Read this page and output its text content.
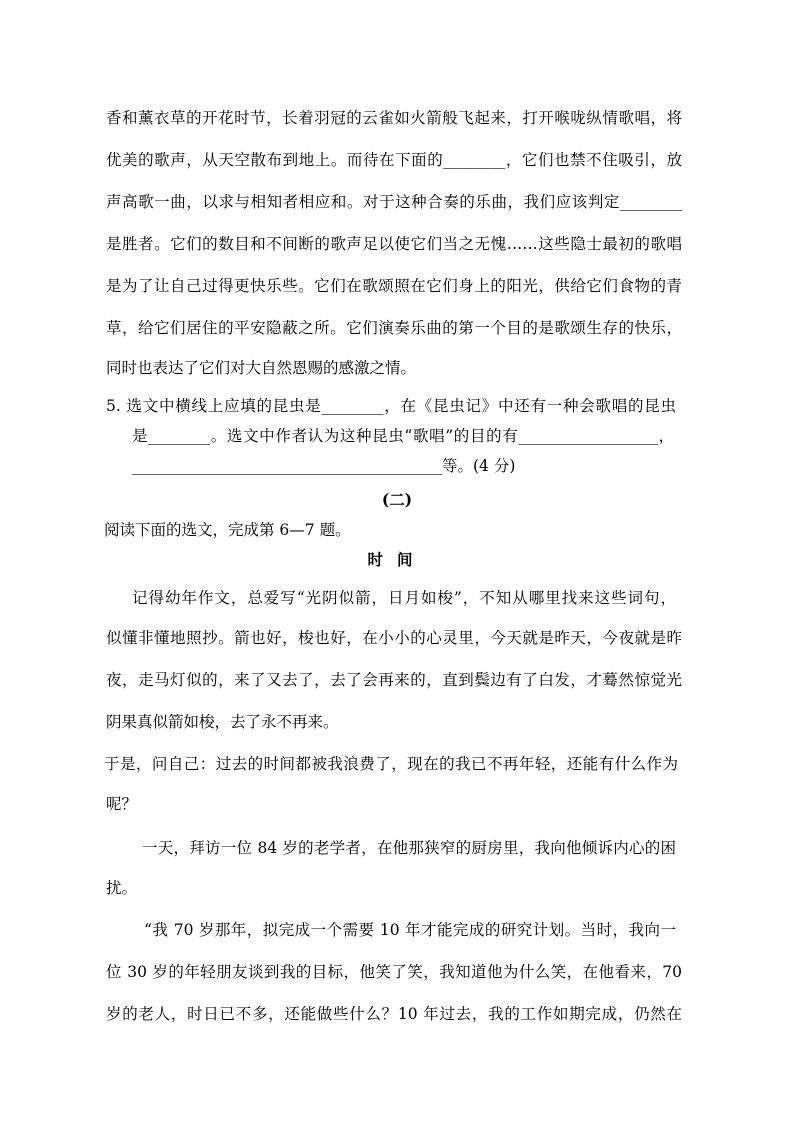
香和薰衣草的开花时节，长着羽冠的云雀如火箭般飞起来，打开喉咙纵情歌唱，将
优美的歌声，从天空散布到地上。而待在下面的________，它们也禁不住吸引，放
声高歌一曲，以求与相知者相应和。对于这种合奏的乐曲，我们应该判定________
是胜者。它们的数目和不间断的歌声足以使它们当之无愧……这些隐士最初的歌唱
是为了让自己过得更快乐些。它们在歌颂照在它们身上的阳光，供给它们食物的青
草，给它们居住的平安隐蔽之所。它们演奏乐曲的第一个目的是歌颂生存的快乐，
同时也表达了它们对大自然恩赐的感激之情。
5. 选文中横线上应填的昆虫是________，在《昆虫记》中还有一种会歌唱的昆虫
是________。选文中作者认为这种昆虫“歌唱”的目的有__________________，
________________________________________等。(4 分)
(二)
阅读下面的选文，完成第 6—7 题。
时间
记得幼年作文，总爱写“光阴似箭，日月如梭”，不知从哪里找来这些词句，
似懂非懂地照抄。箭也好，梭也好，在小小的心灵里，今天就是昨天，今夜就是昨
夜，走马灯似的，来了又去了，去了会再来的，直到鬓边有了白发，才蓦然惊觉光
阴果真似箭如梭，去了永不再来。
于是，问自己：过去的时间都被我浪费了，现在的我已不再年轻，还能有什么作为
呢？
一天，拜访一位 84 岁的老学者，在他那狭窄的厨房里，我向他倾诉内心的困
扰。
“我 70 岁那年，拟完成一个需要 10 年才能完成的研究计划。当时，我向一
位 30 岁的年轻朋友谈到我的目标，他笑了笑，我知道他为什么笑，在他看来，70
岁的老人，时日已不多，还能做些什么？10 年过去，我的工作如期完成，仍然在
